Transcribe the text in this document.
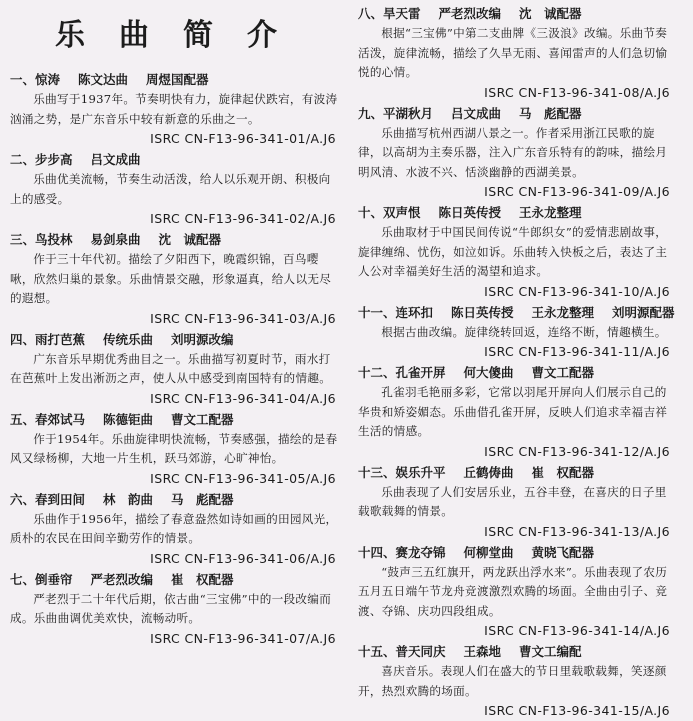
乐曲简介
一、惊涛 陈文达曲 周煜国配器

乐曲写于1937年。节奏明快有力，旋律起伏跌宕，有波涛汹涌之势，是广东音乐中较有新意的乐曲之一。

ISRC CN-F13-96-341-01/A.J6
二、步步高 吕文成曲

乐曲优美流畅，节奏生动活泼，给人以乐观开朗、积极向上的感受。

ISRC CN-F13-96-341-02/A.J6
三、鸟投林 易剑泉曲 沈　诚配器

作于三十年代初。描绘了夕阳西下，晚霞织锦，百鸟嘤啾，欣然归巢的景象。乐曲情景交融，形象逼真，给人以无尽的遐想。

ISRC CN-F13-96-341-03/A.J6
四、雨打芭蕉 传统乐曲 刘明源改编

广东音乐早期优秀曲目之一。乐曲描写初夏时节，雨水打在芭蕉叶上发出淅沥之声，使人从中感受到南国特有的情趣。

ISRC CN-F13-96-341-04/A.J6
五、春郊试马 陈德钜曲 曹文工配器

作于1954年。乐曲旋律明快流畅，节奏感强，描绘的是春风又绿杨柳，大地一片生机，跃马郊游，心旷神怡。

ISRC CN-F13-96-341-05/A.J6
六、春到田间 林　韵曲 马　彪配器

乐曲作于1956年，描绘了春意盎然如诗如画的田园风光，质朴的农民在田间辛勤劳作的情景。

ISRC CN-F13-96-341-06/A.J6
七、倒垂帘 严老烈改编 崔　权配器

严老烈于二十年代后期，依古曲“三宝佛”中的一段改编而成。乐曲曲调优美欢快，流畅动听。

ISRC CN-F13-96-341-07/A.J6
八、旱天雷 严老烈改编 沈　诚配器

根据“三宝佛”中第二支曲牌《三汲浪》改编。乐曲节奏活泼，旋律流畅，描绘了久旱无雨、喜闻雷声的人们急切愉悦的心情。

ISRC CN-F13-96-341-08/A.J6
九、平湖秋月 吕文成曲 马　彪配器

乐曲描写杭州西湖八景之一。作者采用浙江民歌的旋律，以高胡为主奏乐器，注入广东音乐特有的韵味，描绘月明风清、水波不兴、恬淡幽静的西湖美景。

ISRC CN-F13-96-341-09/A.J6
十、双声恨 陈日英传授 王永龙整理

乐曲取材于中国民间传说“牛郎织女”的爱情悲剧故事，旋律缠绵、忧伤，如泣如诉。乐曲转入快板之后，表达了主人公对幸福美好生活的渴望和追求。

ISRC CN-F13-96-341-10/A.J6
十一、连环扣 陈日英传授 王永龙整理 刘明源配器

根据古曲改编。旋律绕转回返，连络不断，情趣横生。

ISRC CN-F13-96-341-11/A.J6
十二、孔雀开屏 何大傻曲 曹文工配器

孔雀羽毛艳丽多彩，它常以羽尾开屏向人们展示自己的华贵和矫姿媚态。乐曲借孔雀开屏，反映人们追求幸福吉祥生活的情感。

ISRC CN-F13-96-341-12/A.J6
十三、娱乐升平 丘鹤俦曲 崔　权配器

乐曲表现了人们安居乐业，五谷丰登，在喜庆的日子里载歌载舞的情景。

ISRC CN-F13-96-341-13/A.J6
十四、赛龙夺锦 何柳堂曲 黄晓飞配器

“鼓声三五红旗开，两龙跃出浮水来”。乐曲表现了农历五月五日端午节龙舟竞渡激烈欢腾的场面。全曲由引子、竞渡、夺锦、庆功四段组成。

ISRC CN-F13-96-341-14/A.J6
十五、普天同庆 王森地 曹文工编配

喜庆音乐。表现人们在盛大的节日里载歌载舞，笑逐颜开，热烈欢腾的场面。

ISRC CN-F13-96-341-15/A.J6
